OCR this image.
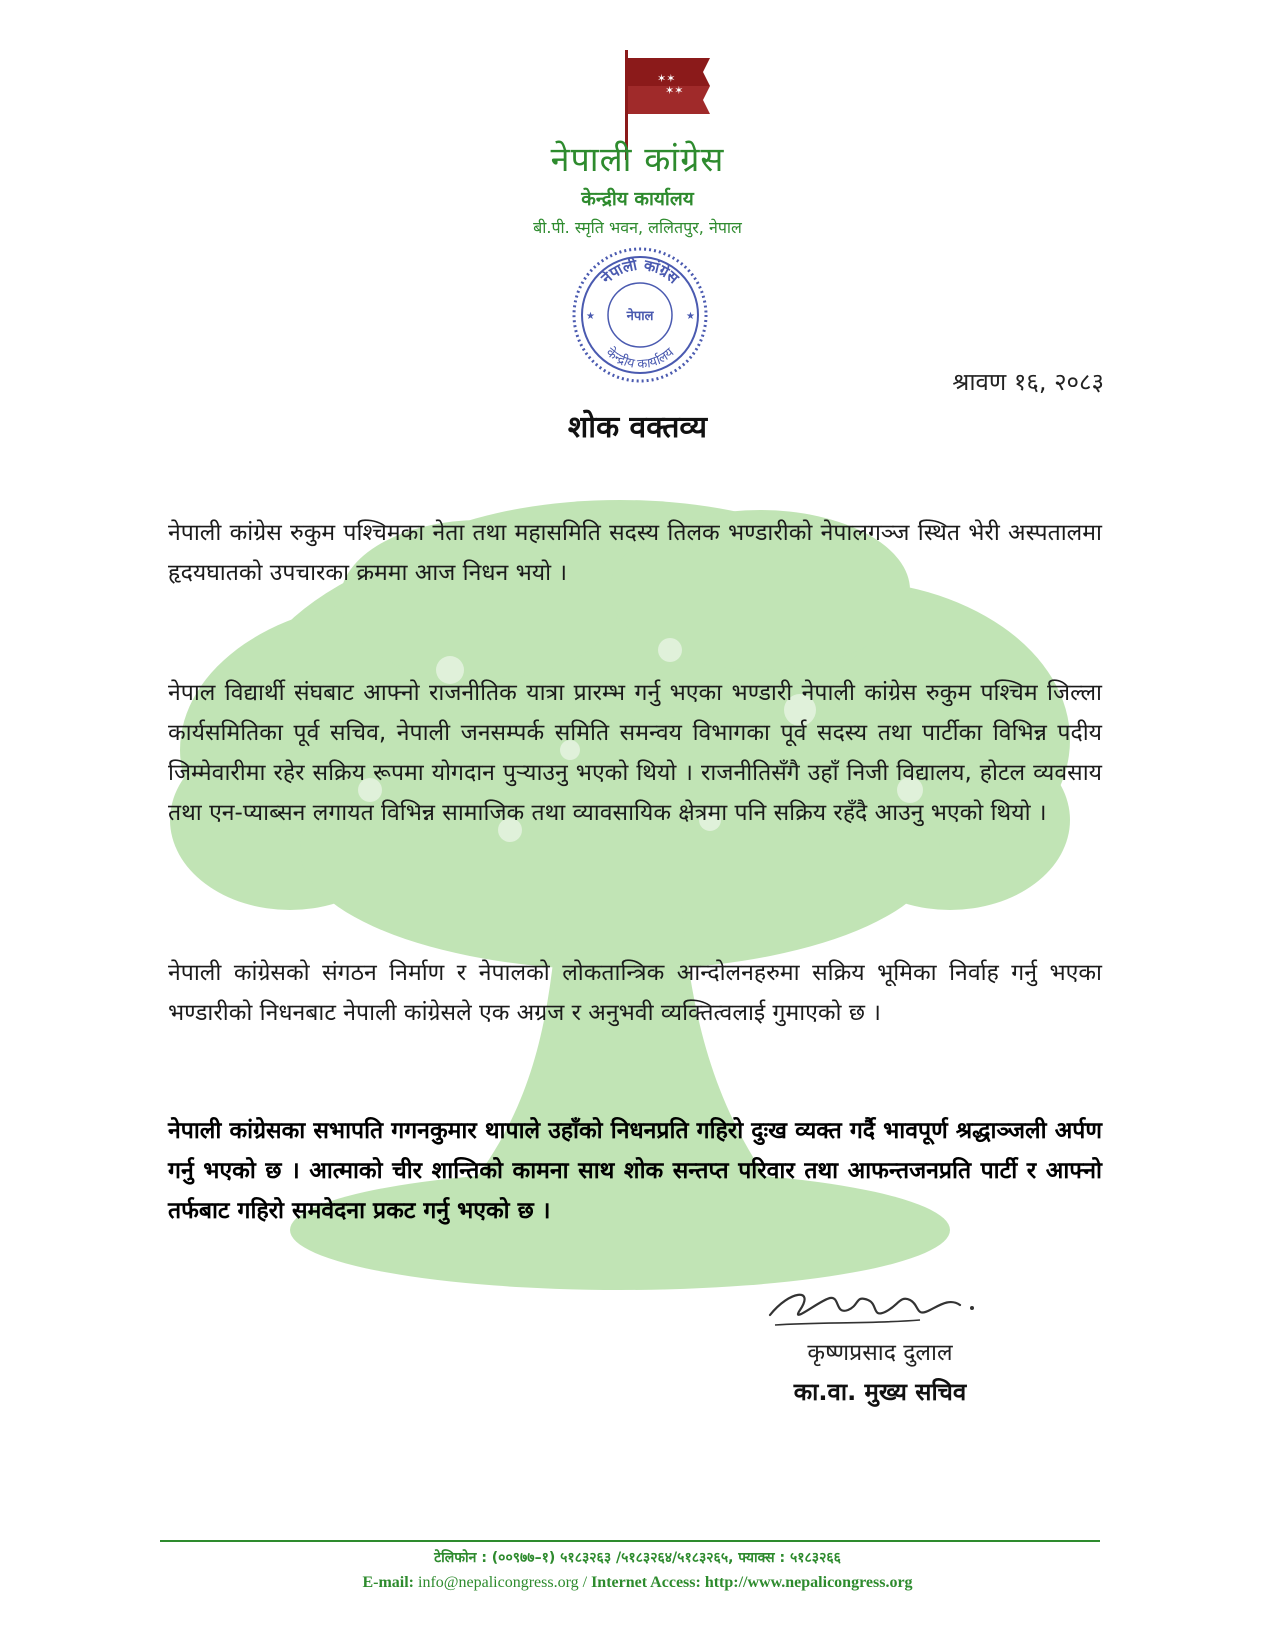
✶✶
✶✶
नेपाली कांग्रेस
केन्द्रीय कार्यालय
बी.पी. स्मृति भवन, ललितपुर, नेपाल
नेपाली कांग्रेस
नेपाल
केन्द्रीय कार्यालय
★	★
श्रावण १६, २०८३
शोक वक्तव्य

नेपाली कांग्रेस रुकुम पश्चिमका नेता तथा महासमिति सदस्य तिलक भण्डारीको नेपालगञ्ज स्थित भेरी अस्पतालमा हृदयघातको उपचारका क्रममा आज निधन भयो ।

नेपाल विद्यार्थी संघबाट आफ्नो राजनीतिक यात्रा प्रारम्भ गर्नु भएका भण्डारी नेपाली कांग्रेस रुकुम पश्चिम जिल्ला कार्यसमितिका पूर्व सचिव, नेपाली जनसम्पर्क समिति समन्वय विभागका पूर्व सदस्य तथा पार्टीका विभिन्न पदीय जिम्मेवारीमा रहेर सक्रिय रूपमा योगदान पुऱ्याउनु भएको थियो । राजनीतिसँगै उहाँ निजी विद्यालय, होटल व्यवसाय तथा एन-प्याब्सन लगायत विभिन्न सामाजिक तथा व्यावसायिक क्षेत्रमा पनि सक्रिय रहँदै आउनु भएको थियो ।

नेपाली कांग्रेसको संगठन निर्माण र नेपालको लोकतान्त्रिक आन्दोलनहरुमा सक्रिय भूमिका निर्वाह गर्नु भएका भण्डारीको निधनबाट नेपाली कांग्रेसले एक अग्रज र अनुभवी व्यक्तित्वलाई गुमाएको छ ।

नेपाली कांग्रेसका सभापति गगनकुमार थापाले उहाँको निधनप्रति गहिरो दुःख व्यक्त गर्दै भावपूर्ण श्रद्धाञ्जली अर्पण गर्नु भएको छ । आत्माको चीर शान्तिको कामना साथ शोक सन्तप्त परिवार तथा आफन्तजनप्रति पार्टी र आफ्नो तर्फबाट गहिरो समवेदना प्रकट गर्नु भएको छ ।

कृष्णप्रसाद दुलाल
का.वा. मुख्य सचिव
टेलिफोन : (००९७७–१) ५१८३२६३ /५१८३२६४/५१८३२६५, फ्याक्स : ५१८३२६६
E-mail: info@nepalicongress.org / Internet Access: http://www.nepalicongress.org
